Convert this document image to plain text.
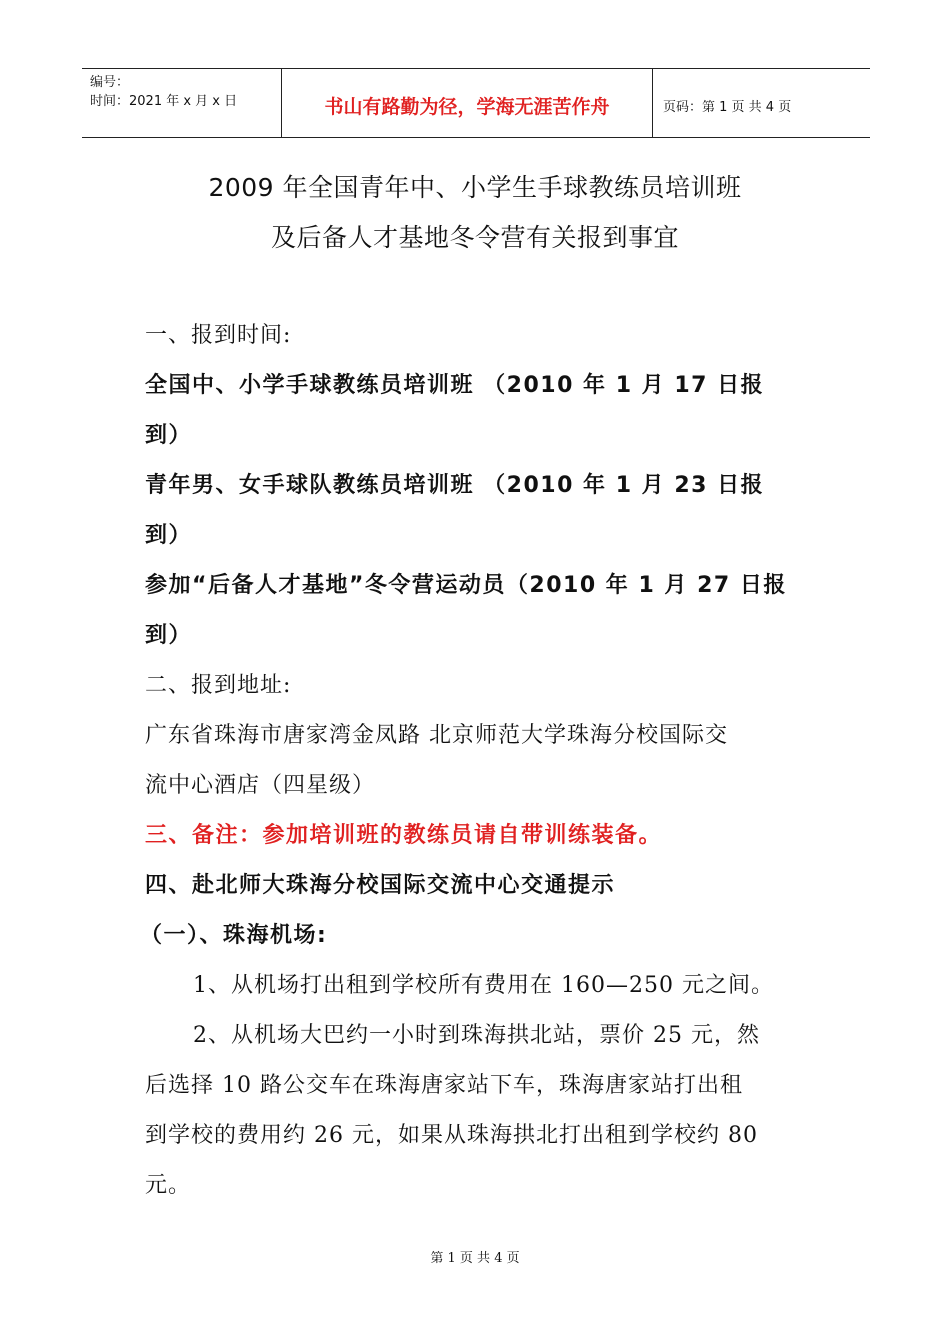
编号：
时间：2021 年 x 月 x 日	书山有路勤为径，学海无涯苦作舟	页码：第 1 页 共 4 页
2009 年全国青年中、小学生手球教练员培训班
及后备人才基地冬令营有关报到事宜
一、报到时间:
全国中、小学手球教练员培训班 （2010 年 1 月 17 日报
到）
青年男、女手球队教练员培训班 （2010 年 1 月 23 日报
到）
参加“后备人才基地”冬令营运动员（2010 年 1 月 27 日报
到）
二、报到地址:
广东省珠海市唐家湾金凤路 北京师范大学珠海分校国际交
流中心酒店（四星级）
三、备注：参加培训班的教练员请自带训练装备。
四、赴北师大珠海分校国际交流中心交通提示
（一）、珠海机场:
1、从机场打出租到学校所有费用在 160—250 元之间。
2、从机场大巴约一小时到珠海拱北站，票价 25 元，然
后选择 10 路公交车在珠海唐家站下车，珠海唐家站打出租
到学校的费用约 26 元，如果从珠海拱北打出租到学校约 80
元。
第 1 页 共 4 页
